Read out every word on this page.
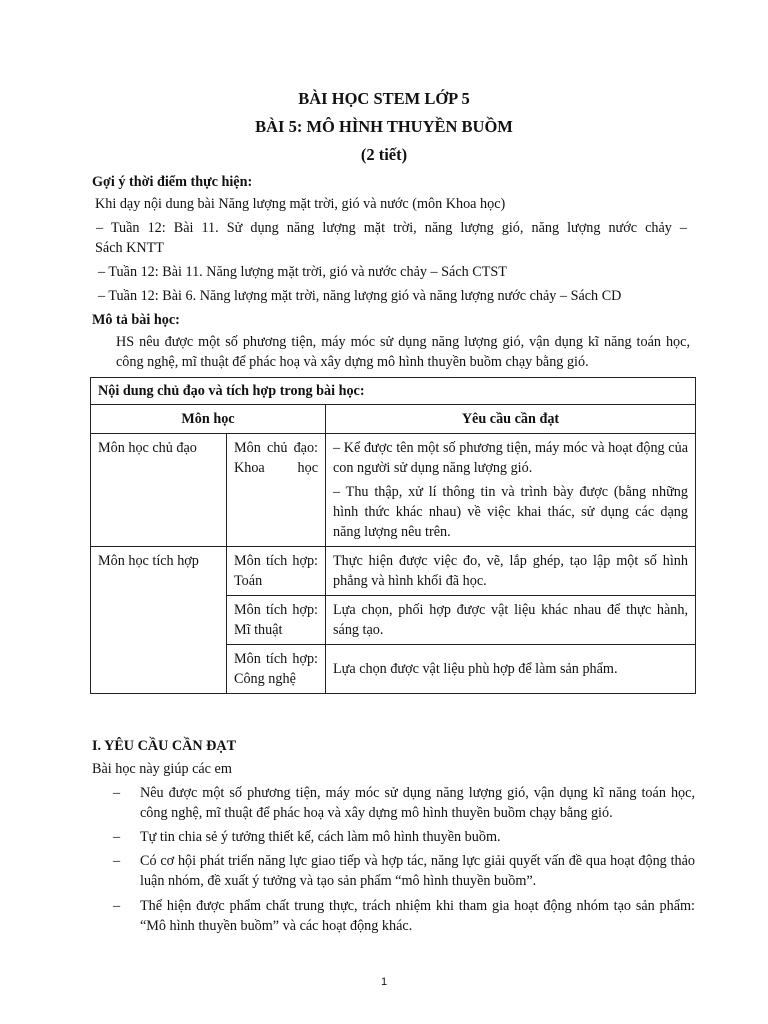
BÀI HỌC STEM LỚP 5
BÀI 5: MÔ HÌNH THUYỀN BUỒM
(2 tiết)
Gợi ý thời điểm thực hiện:
Khi dạy nội dung bài Năng lượng mặt trời, gió và nước (môn Khoa học)
– Tuần 12: Bài 11. Sử dụng năng lượng mặt trời, năng lượng gió, năng lượng nước chảy –
Sách KNTT
– Tuần 12: Bài 11. Năng lượng mặt trời, gió và nước chảy – Sách CTST
– Tuần 12: Bài 6. Năng lượng mặt trời, năng lượng gió và năng lượng nước chảy – Sách CD
Mô tả bài học:
HS nêu được một số phương tiện, máy móc sử dụng năng lượng gió, vận dụng kĩ năng toán học, công nghệ, mĩ thuật để phác hoạ và xây dựng mô hình thuyền buồm chạy bằng gió.
Nội dung chủ đạo và tích hợp trong bài học:		
Môn học		Yêu cầu cần đạt
Môn học chủ đạo	Môn chủ đạo: Khoa học	– Kể được tên một số phương tiện, máy móc và hoạt động của con người sử dụng năng lượng gió.
– Thu thập, xử lí thông tin và trình bày được (bằng những hình thức khác nhau) về việc khai thác, sử dụng các dạng năng lượng nêu trên.

Môn học tích hợp	Môn tích hợp: Toán	Thực hiện được việc đo, vẽ, lắp ghép, tạo lập một số hình phẳng và hình khối đã học.

	Môn tích hợp: Mĩ thuật	Lựa chọn, phối hợp được vật liệu khác nhau để thực hành, sáng tạo.

	Môn tích hợp: Công nghệ	Lựa chọn được vật liệu phù hợp để làm sản phẩm.
I. YÊU CẦU CẦN ĐẠT
Bài học này giúp các em
– Nêu được một số phương tiện, máy móc sử dụng năng lượng gió, vận dụng kĩ năng toán học, công nghệ, mĩ thuật để phác hoạ và xây dựng mô hình thuyền buồm chạy bằng gió.
– Tự tin chia sẻ ý tưởng thiết kế, cách làm mô hình thuyền buồm.
– Có cơ hội phát triển năng lực giao tiếp và hợp tác, năng lực giải quyết vấn đề qua hoạt động thảo luận nhóm, đề xuất ý tưởng và tạo sản phẩm “mô hình thuyền buồm”.
– Thể hiện được phẩm chất trung thực, trách nhiệm khi tham gia hoạt động nhóm tạo sản phẩm: “Mô hình thuyền buồm” và các hoạt động khác.
1
